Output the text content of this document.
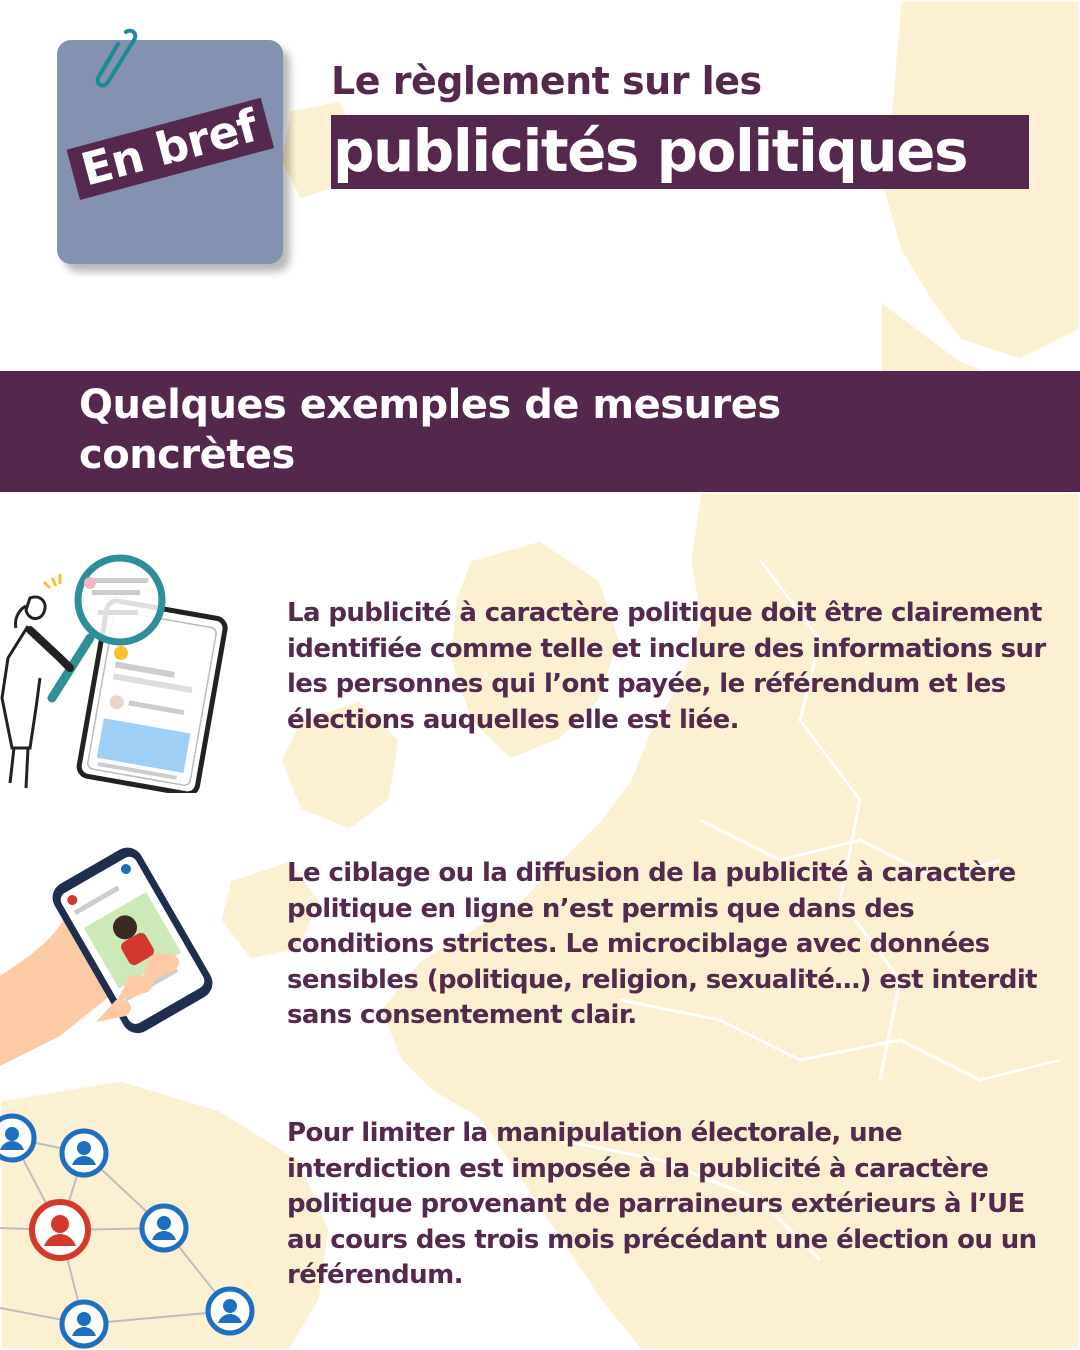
En bref
Le règlement sur les
publicités politiques
Quelques exemples de mesures concrètes
La publicité à caractère politique doit être clairement identifiée comme telle et inclure des informations sur les personnes qui l’ont payée, le référendum et les élections auquelles elle est liée.
Le ciblage ou la diffusion de la publicité à caractère politique en ligne n’est permis que dans des conditions strictes. Le microciblage avec données sensibles (politique, religion, sexualité…) est interdit sans consentement clair.
Pour limiter la manipulation électorale, une interdiction est imposée à la publicité à caractère politique provenant de parraineurs extérieurs à l’UE au cours des trois mois précédant une élection ou un référendum.
